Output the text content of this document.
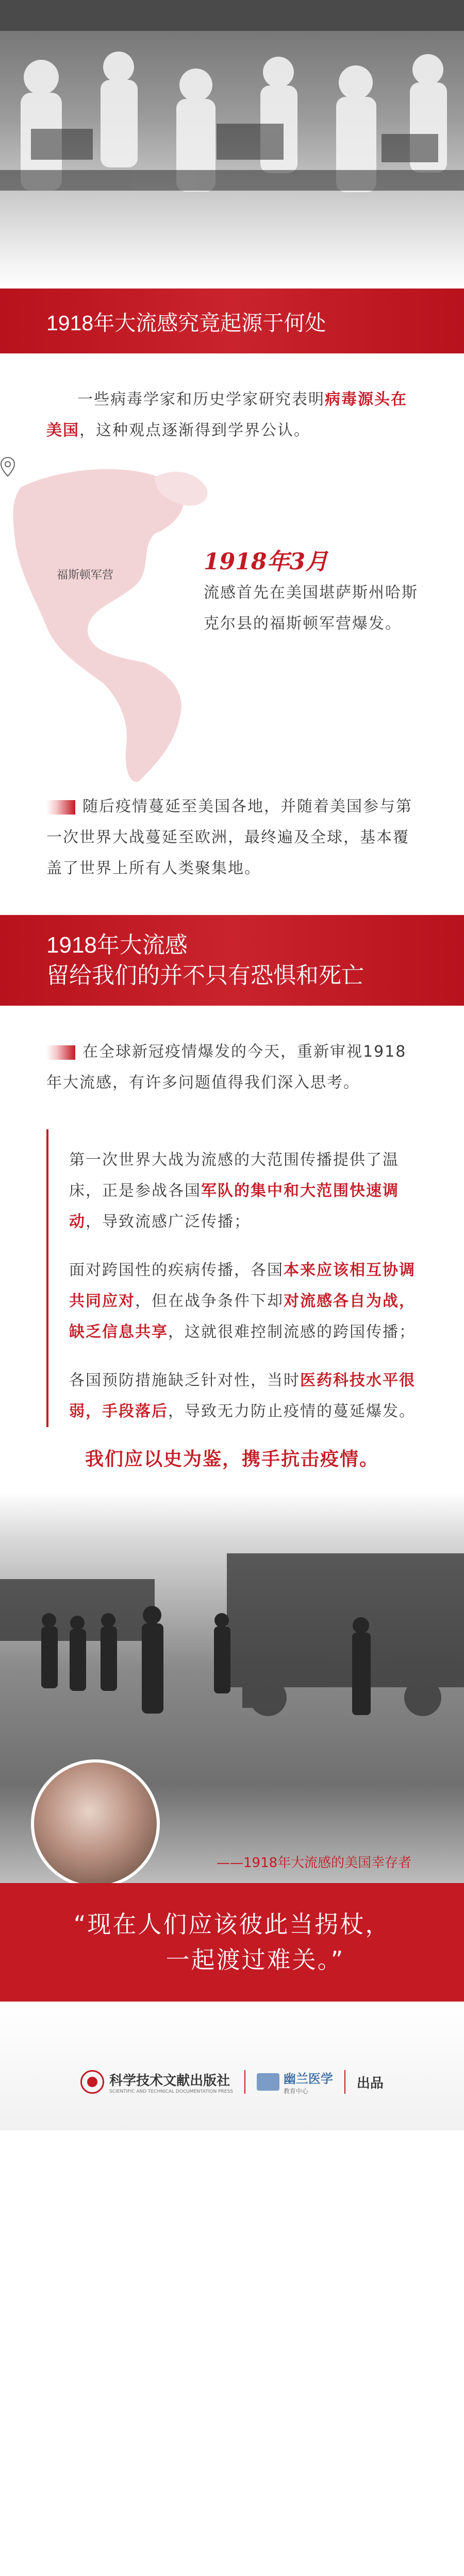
1918年大流感究竟起源于何处

一些病毒学家和历史学家研究表明病毒源头在美国，这种观点逐渐得到学界公认。

福斯顿军营
1918年3月

流感首先在美国堪萨斯州哈斯克尔县的福斯顿军营爆发。

随后疫情蔓延至美国各地，并随着美国参与第一次世界大战蔓延至欧洲，最终遍及全球，基本覆盖了世界上所有人类聚集地。

1918年大流感
留给我们的并不只有恐惧和死亡

在全球新冠疫情爆发的今天，重新审视1918年大流感，有许多问题值得我们深入思考。

第一次世界大战为流感的大范围传播提供了温床，正是参战各国军队的集中和大范围快速调动，导致流感广泛传播；

面对跨国性的疾病传播，各国本来应该相互协调共同应对，但在战争条件下却对流感各自为战，缺乏信息共享，这就很难控制流感的跨国传播；

各国预防措施缺乏针对性，当时医药科技水平很弱，手段落后，导致无力防止疫情的蔓延爆发。

我们应以史为鉴，携手抗击疫情。

——1918年大流感的美国幸存者
“现在人们应该彼此当拐杖，
一起渡过难关。”
科学技术文献出版社
SCIENTIFIC AND TECHNICAL DOCUMENTATION PRESS
幽兰医学
教育中心
出品
